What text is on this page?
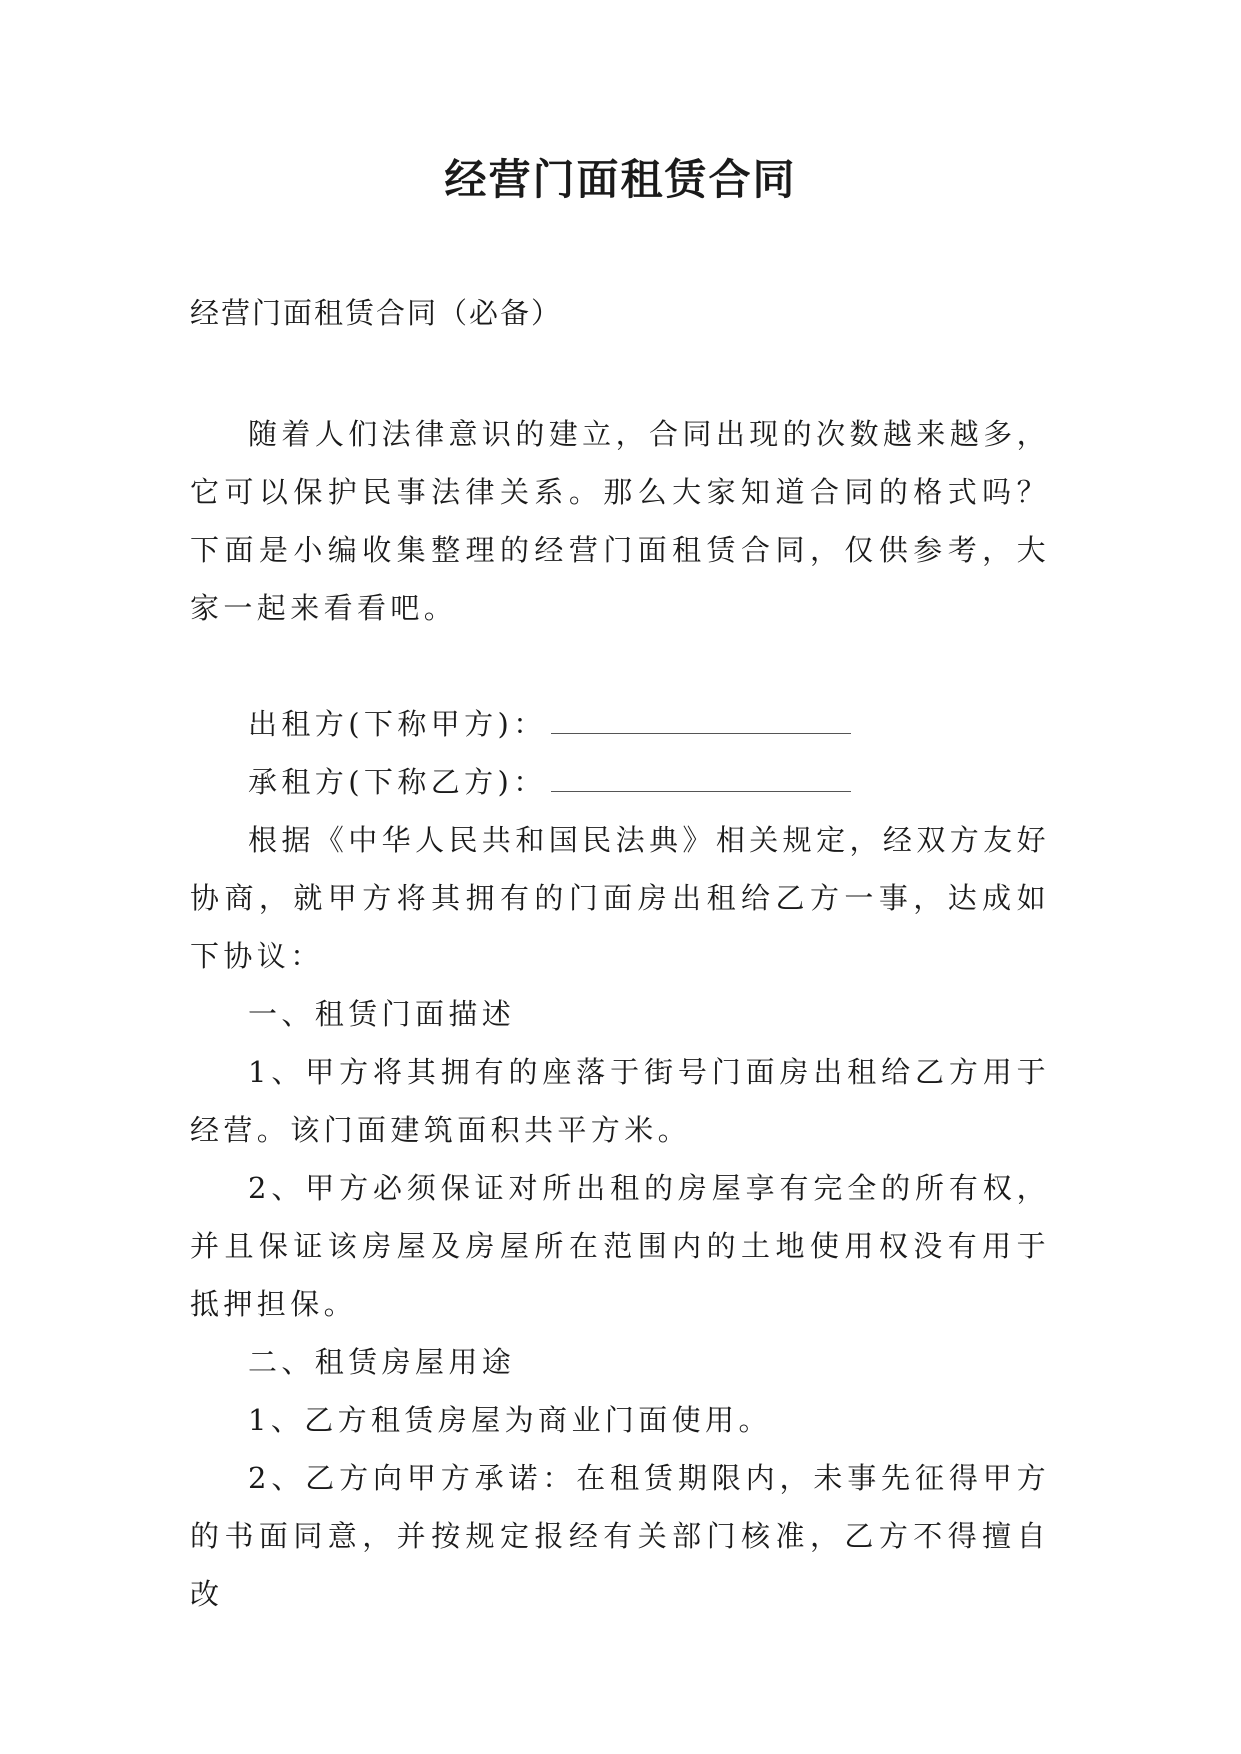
经营门面租赁合同
经营门面租赁合同（必备）

随着人们法律意识的建立，合同出现的次数越来越多，它可以保护民事法律关系。那么大家知道合同的格式吗？下面是小编收集整理的经营门面租赁合同，仅供参考，大家一起来看看吧。

出租方(下称甲方)：

承租方(下称乙方)：

根据《中华人民共和国民法典》相关规定，经双方友好协商，就甲方将其拥有的门面房出租给乙方一事，达成如下协议：

一、租赁门面描述

1、甲方将其拥有的座落于街号门面房出租给乙方用于经营。该门面建筑面积共平方米。

2、甲方必须保证对所出租的房屋享有完全的所有权，并且保证该房屋及房屋所在范围内的土地使用权没有用于抵押担保。

二、租赁房屋用途

1、乙方租赁房屋为商业门面使用。

2、乙方向甲方承诺：在租赁期限内，未事先征得甲方的书面同意，并按规定报经有关部门核准，乙方不得擅自改
